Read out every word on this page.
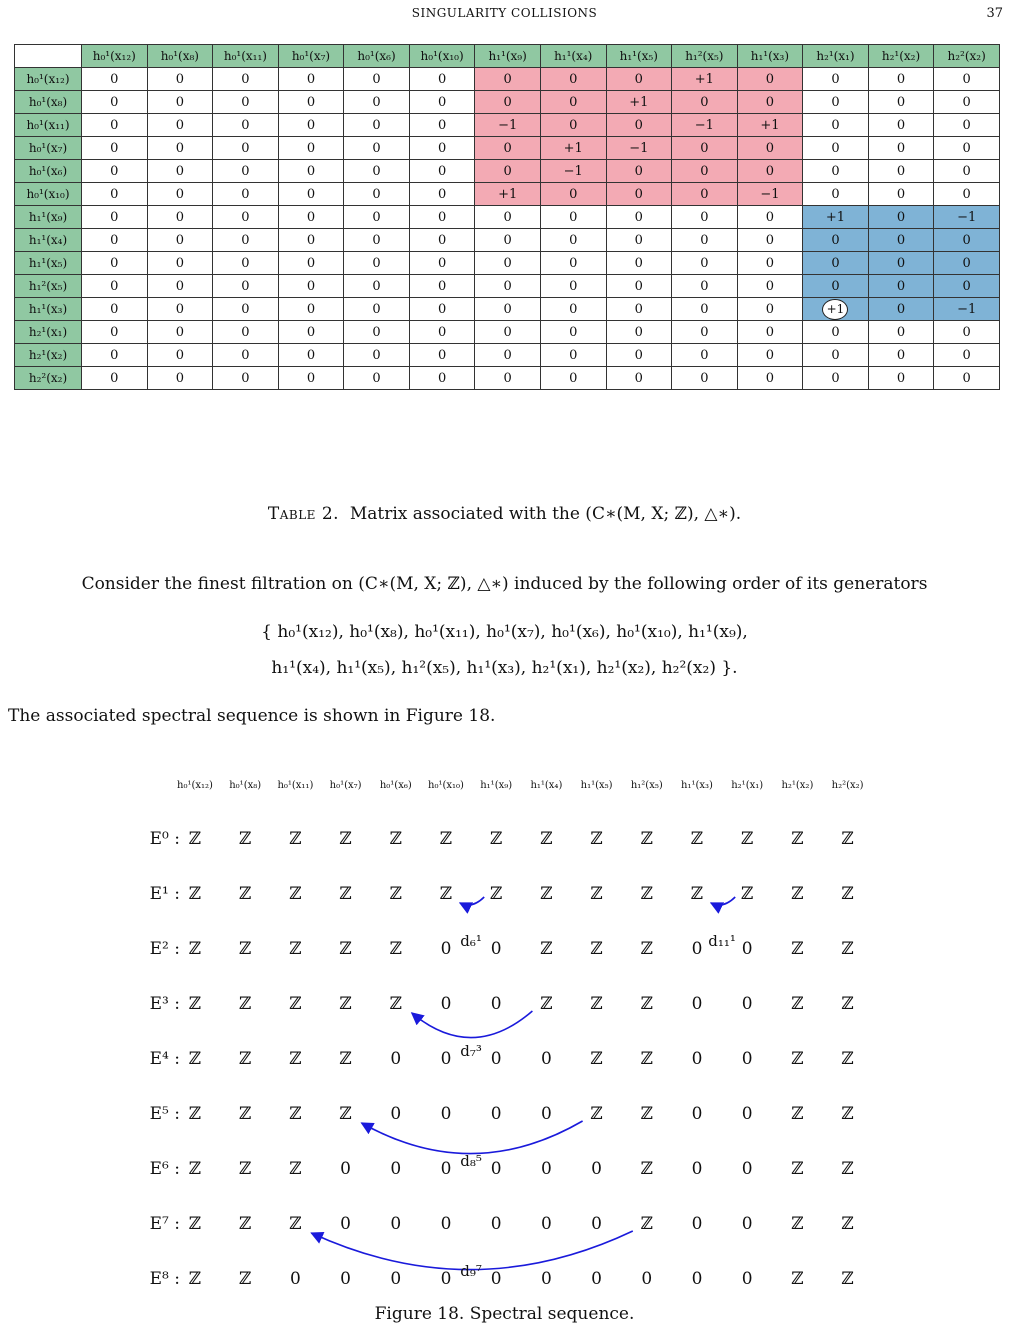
SINGULARITY COLLISIONS	37
	h₀¹(x₁₂)	h₀¹(x₈)	h₀¹(x₁₁)	h₀¹(x₇)	h₀¹(x₆)	h₀¹(x₁₀)	h₁¹(x₉)	h₁¹(x₄)	h₁¹(x₅)	h₁²(x₅)	h₁¹(x₃)	h₂¹(x₁)	h₂¹(x₂)	h₂²(x₂)
h₀¹(x₁₂)	0	0	0	0	0	0	0	0	0	+1	0	0	0	0
h₀¹(x₈)	0	0	0	0	0	0	0	0	+1	0	0	0	0	0
h₀¹(x₁₁)	0	0	0	0	0	0	−1	0	0	−1	+1	0	0	0
h₀¹(x₇)	0	0	0	0	0	0	0	+1	−1	0	0	0	0	0
h₀¹(x₆)	0	0	0	0	0	0	0	−1	0	0	0	0	0	0
h₀¹(x₁₀)	0	0	0	0	0	0	+1	0	0	0	−1	0	0	0
h₁¹(x₉)	0	0	0	0	0	0	0	0	0	0	0	+1	0	−1
h₁¹(x₄)	0	0	0	0	0	0	0	0	0	0	0	0	0	0
h₁¹(x₅)	0	0	0	0	0	0	0	0	0	0	0	0	0	0
h₁²(x₅)	0	0	0	0	0	0	0	0	0	0	0	0	0	0
h₁¹(x₃)	0	0	0	0	0	0	0	0	0	0	0	+1	0	−1
h₂¹(x₁)	0	0	0	0	0	0	0	0	0	0	0	0	0	0
h₂¹(x₂)	0	0	0	0	0	0	0	0	0	0	0	0	0	0
h₂²(x₂)	0	0	0	0	0	0	0	0	0	0	0	0	0	0
Table 2. Matrix associated with the (C∗(M, X; ℤ), △∗).
Consider the finest filtration on (C∗(M, X; ℤ), △∗) induced by the following order of its generators
{ h₀¹(x₁₂), h₀¹(x₈), h₀¹(x₁₁), h₀¹(x₇), h₀¹(x₆), h₀¹(x₁₀), h₁¹(x₉),
h₁¹(x₄), h₁¹(x₅), h₁²(x₅), h₁¹(x₃), h₂¹(x₁), h₂¹(x₂), h₂²(x₂) }.
The associated spectral sequence is shown in Figure 18.
h₀¹(x₁₂) h₀¹(x₈) h₀¹(x₁₁) h₀¹(x₇) h₀¹(x₆) h₀¹(x₁₀) h₁¹(x₉) h₁¹(x₄) h₁¹(x₅) h₁²(x₅) h₁¹(x₃) h₂¹(x₁) h₂¹(x₂) h₂²(x₂)
E⁰ : ℤ ℤ ℤ ℤ ℤ ℤ ℤ ℤ ℤ ℤ ℤ ℤ ℤ ℤ
E¹ : ℤ ℤ ℤ ℤ ℤ ℤ ℤ ℤ ℤ ℤ ℤ ℤ ℤ ℤ
E² : ℤ ℤ ℤ ℤ ℤ 0 0 ℤ ℤ ℤ 0 0 ℤ ℤ
E³ : ℤ ℤ ℤ ℤ ℤ 0 0 ℤ ℤ ℤ 0 0 ℤ ℤ
E⁴ : ℤ ℤ ℤ ℤ 0 0 0 0 ℤ ℤ 0 0 ℤ ℤ
E⁵ : ℤ ℤ ℤ ℤ 0 0 0 0 ℤ ℤ 0 0 ℤ ℤ
E⁶ : ℤ ℤ ℤ 0 0 0 0 0 0 ℤ 0 0 ℤ ℤ
E⁷ : ℤ ℤ ℤ 0 0 0 0 0 0 ℤ 0 0 ℤ ℤ
E⁸ : ℤ ℤ 0 0 0 0 0 0 0 0 0 0 ℤ ℤ
d₆¹	d₁₁¹
d₇³
d₈⁵
d₉⁷
Figure 18. Spectral sequence.
